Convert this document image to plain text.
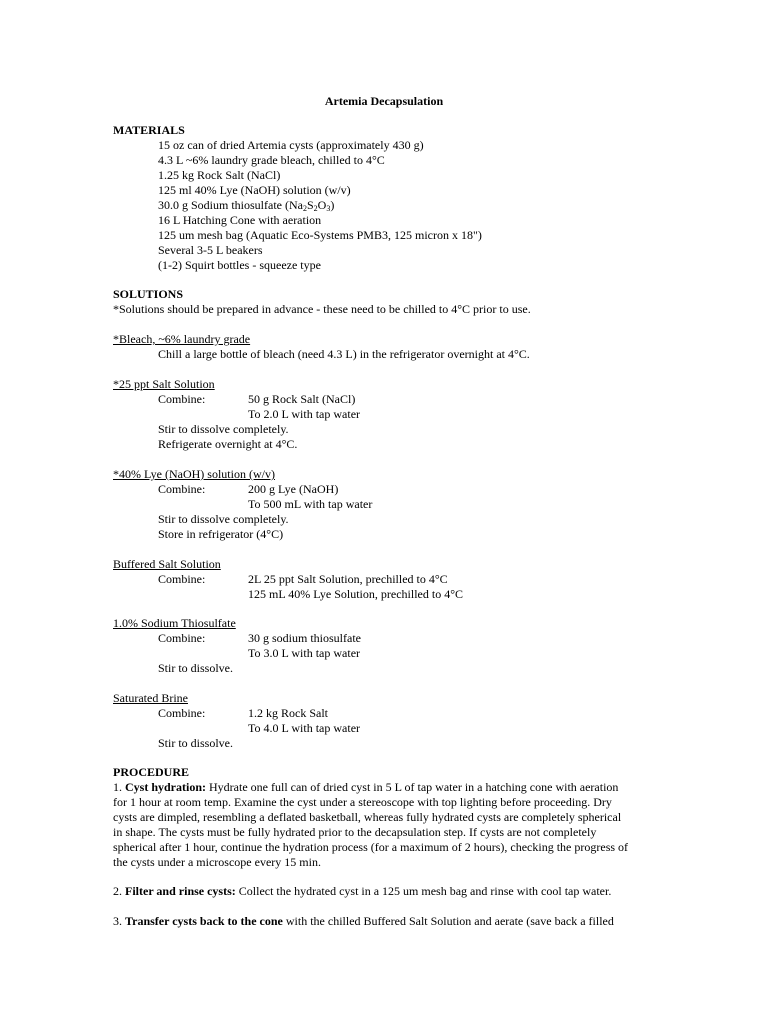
Artemia Decapsulation
MATERIALS
15 oz can of dried Artemia cysts (approximately 430 g)
4.3 L ~6% laundry grade bleach, chilled to 4°C
1.25 kg Rock Salt (NaCl)
125 ml 40% Lye (NaOH) solution (w/v)
30.0 g Sodium thiosulfate $(Na_2S_2O_3)$
16 L Hatching Cone with aeration
125 um mesh bag (Aquatic Eco-Systems PMB3, 125 micron x 18")
Several 3-5 L beakers
(1-2) Squirt bottles - squeeze type
SOLUTIONS
*Solutions should be prepared in advance - these need to be chilled to 4°C prior to use.
*Bleach, ~6% laundry grade
Chill a large bottle of bleach (need 4.3 L) in the refrigerator overnight at 4°C.
*25 ppt Salt Solution
Combine:	50 g Rock Salt (NaCl)
To 2.0 L with tap water
Stir to dissolve completely.
Refrigerate overnight at 4°C.
*40% Lye (NaOH) solution (w/v)
Combine:	200 g Lye (NaOH)
To 500 mL with tap water
Stir to dissolve completely.
Store in refrigerator (4°C)
Buffered Salt Solution
Combine:	2L 25 ppt Salt Solution, prechilled to 4°C
125 mL 40% Lye Solution, prechilled to 4°C
1.0% Sodium Thiosulfate
Combine:	30 g sodium thiosulfate
To 3.0 L with tap water
Stir to dissolve.
Saturated Brine
Combine:	1.2 kg Rock Salt
To 4.0 L with tap water
Stir to dissolve.
PROCEDURE
1. Cyst hydration: Hydrate one full can of dried cyst in 5 L of tap water in a hatching cone with aeration
for 1 hour at room temp. Examine the cyst under a stereoscope with top lighting before proceeding. Dry
cysts are dimpled, resembling a deflated basketball, whereas fully hydrated cysts are completely spherical
in shape. The cysts must be fully hydrated prior to the decapsulation step. If cysts are not completely
spherical after 1 hour, continue the hydration process (for a maximum of 2 hours), checking the progress of
the cysts under a microscope every 15 min.
2. Filter and rinse cysts: Collect the hydrated cyst in a 125 um mesh bag and rinse with cool tap water.
3. Transfer cysts back to the cone with the chilled Buffered Salt Solution and aerate (save back a filled
